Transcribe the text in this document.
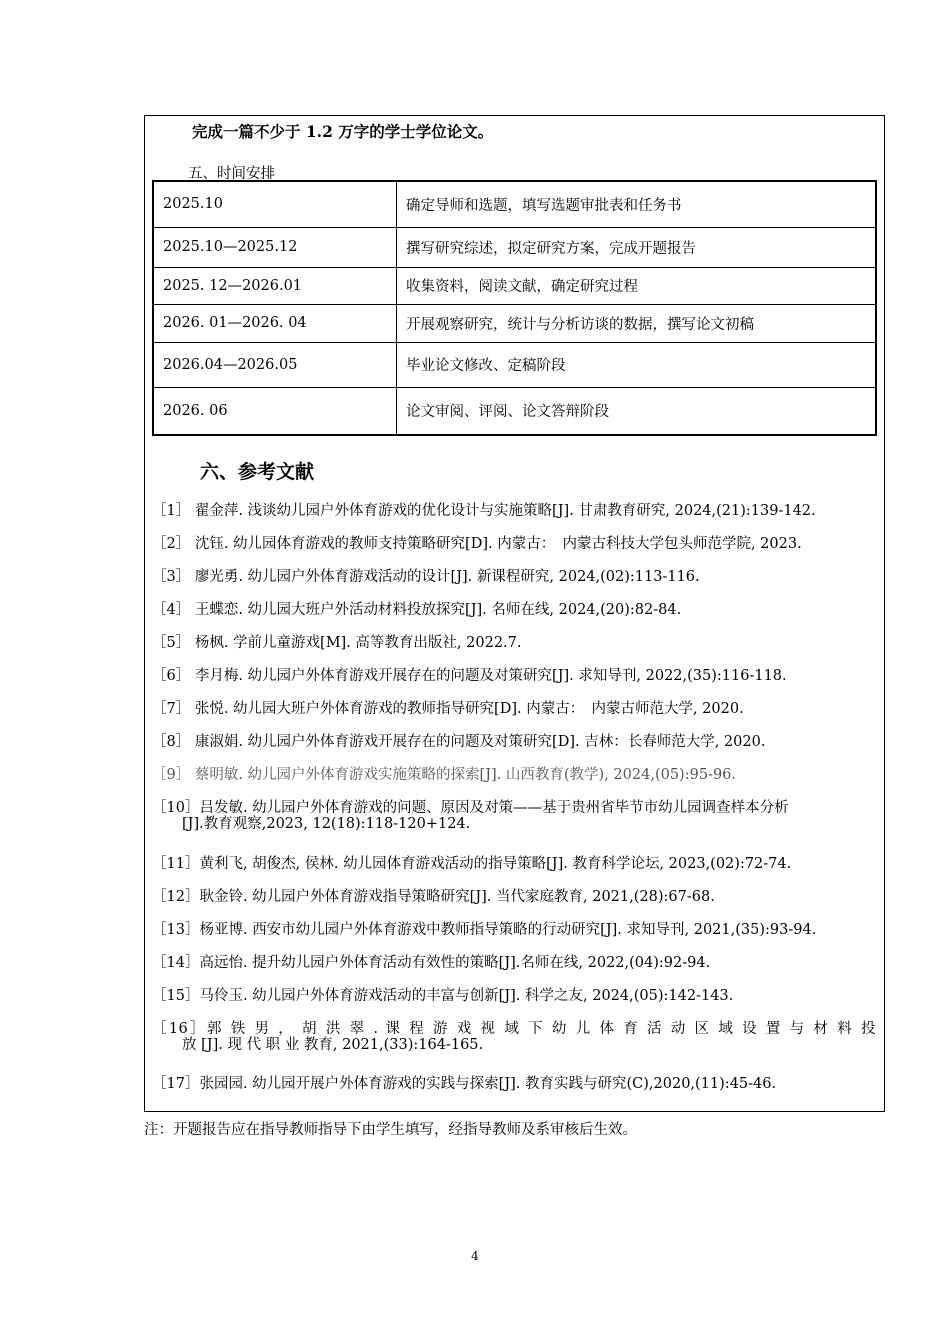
完成一篇不少于 1.2 万字的学士学位论文。
五、时间安排
2025.10	确定导师和选题，填写选题审批表和任务书
2025.10—2025.12	撰写研究综述，拟定研究方案，完成开题报告
2025. 12—2026.01	收集资料，阅读文献，确定研究过程
2026. 01—2026. 04	开展观察研究，统计与分析访谈的数据，撰写论文初稿
2026.04—2026.05	毕业论文修改、定稿阶段
2026. 06	论文审阅、评阅、论文答辩阶段
六、参考文献
［1］ 翟金萍. 浅谈幼儿园户外体育游戏的优化设计与实施策略[J]. 甘肃教育研究, 2024,(21):139-142.
［2］ 沈钰. 幼儿园体育游戏的教师支持策略研究[D]. 内蒙古：　内蒙古科技大学包头师范学院, 2023.
［3］ 廖光勇. 幼儿园户外体育游戏活动的设计[J]. 新课程研究, 2024,(02):113-116.
［4］ 王蝶恋. 幼儿园大班户外活动材料投放探究[J]. 名师在线, 2024,(20):82-84.
［5］ 杨枫. 学前儿童游戏[M]. 高等教育出版社, 2022.7.
［6］ 李月梅. 幼儿园户外体育游戏开展存在的问题及对策研究[J]. 求知导刊, 2022,(35):116-118.
［7］ 张悦. 幼儿园大班户外体育游戏的教师指导研究[D]. 内蒙古：　内蒙古师范大学, 2020.
［8］ 康淑娟. 幼儿园户外体育游戏开展存在的问题及对策研究[D]. 吉林：长春师范大学, 2020.
［9］ 蔡明敏. 幼儿园户外体育游戏实施策略的探索[J]. 山西教育(教学), 2024,(05):95-96.
［10］吕发敏. 幼儿园户外体育游戏的问题、原因及对策——基于贵州省毕节市幼儿园调查样本分析
[J].教育观察,2023, 12(18):118-120+124.
［11］黄利飞, 胡俊杰, 侯林. 幼儿园体育游戏活动的指导策略[J]. 教育科学论坛, 2023,(02):72-74.
［12］耿金铃. 幼儿园户外体育游戏指导策略研究[J]. 当代家庭教育, 2021,(28):67-68.
［13］杨亚博. 西安市幼儿园户外体育游戏中教师指导策略的行动研究[J]. 求知导刊, 2021,(35):93-94.
［14］高远怡. 提升幼儿园户外体育活动有效性的策略[J].名师在线, 2022,(04):92-94.
［15］马伶玉. 幼儿园户外体育游戏活动的丰富与创新[J]. 科学之友, 2024,(05):142-143.
［16］郭 铁 男 ， 胡 洪 翠 . 课 程 游 戏 视 域 下 幼 儿 体 育 活 动 区 域 设 置 与 材 料 投
放 [J]. 现 代 职 业 教育, 2021,(33):164-165.
［17］张园园. 幼儿园开展户外体育游戏的实践与探索[J]. 教育实践与研究(C),2020,(11):45-46.
注：开题报告应在指导教师指导下由学生填写，经指导教师及系审核后生效。
4
